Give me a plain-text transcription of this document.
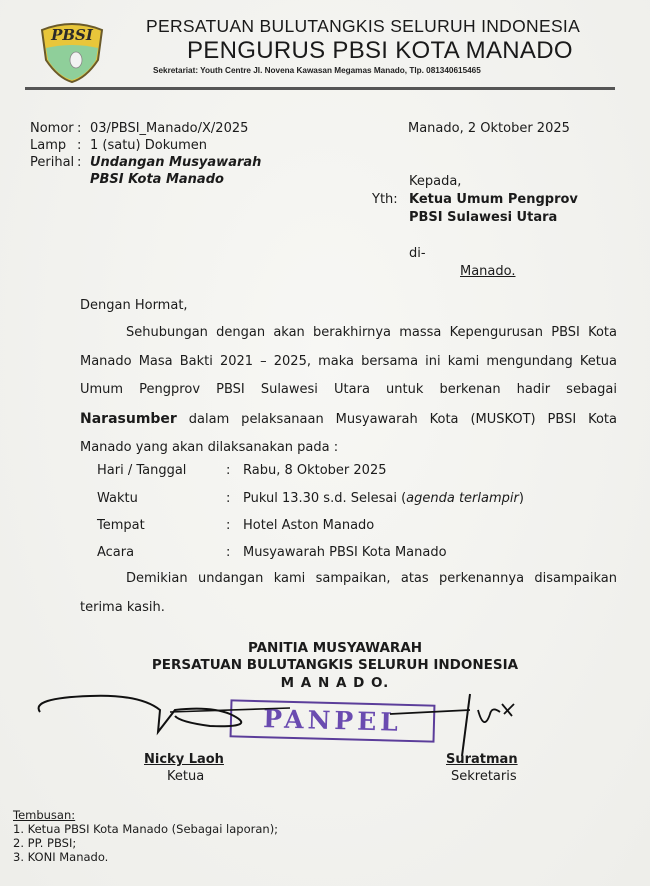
PBSI	PERSATUAN BULUTANGKIS SELURUH INDONESIA
PENGURUS PBSI KOTA MANADO
Sekretariat: Youth Centre Jl. Novena Kawasan Megamas Manado, Tlp. 081340615465
Nomor : 03/PBSI_Manado/X/2025
Lamp : 1 (satu) Dokumen
Perihal : Undangan Musyawarah
PBSI Kota Manado
Manado, 2 Oktober 2025
Kepada,
Yth: Ketua Umum Pengprov
PBSI Sulawesi Utara
di-
Manado.
Dengan Hormat,
Sehubungan dengan akan berakhirnya massa Kepengurusan PBSI Kota Manado Masa Bakti 2021 – 2025, maka bersama ini kami mengundang Ketua Umum Pengprov PBSI Sulawesi Utara untuk berkenan hadir sebagai Narasumber dalam pelaksanaan Musyawarah Kota (MUSKOT) PBSI Kota Manado yang akan dilaksanakan pada :
Hari / Tanggal	: Rabu, 8 Oktober 2025
Waktu	: Pukul 13.30 s.d. Selesai (agenda terlampir)
Tempat	: Hotel Aston Manado
Acara	: Musyawarah PBSI Kota Manado
Demikian undangan kami sampaikan, atas perkenannya disampaikan terima kasih.
PANITIA MUSYAWARAH
PERSATUAN BULUTANGKIS SELURUH INDONESIA
M A N A D O.
PANPEL
Nicky Laoh
Ketua
Suratman
Sekretaris
Tembusan:
1. Ketua PBSI Kota Manado (Sebagai laporan);
2. PP. PBSI;
3. KONI Manado.
